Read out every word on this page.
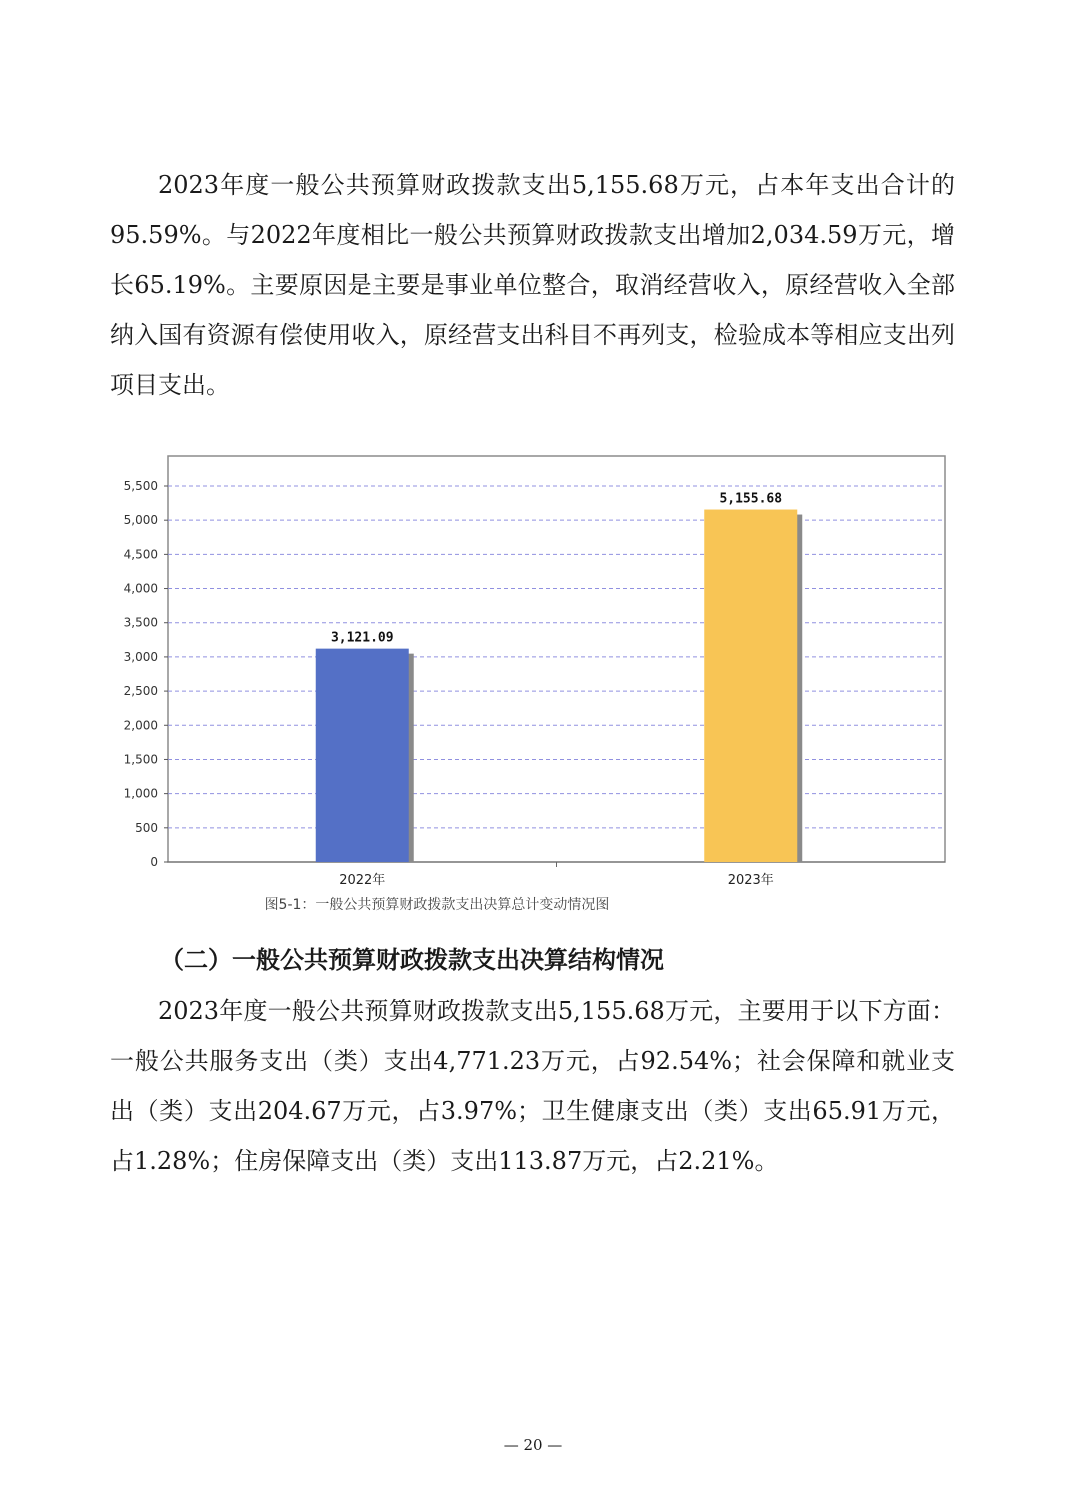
2023年度一般公共预算财政拨款支出5,155.68万元，占本年支出合计的95.59%。与2022年度相比一般公共预算财政拨款支出增加2,034.59万元，增长65.19%。主要原因是主要是事业单位整合，取消经营收入，原经营收入全部纳入国有资源有偿使用收入，原经营支出科目不再列支，检验成本等相应支出列项目支出。

0
500
1,000
1,500
2,000
2,500
3,000
3,500
4,000
4,500
5,000
5,500
3,121.09
5,155.68
2022年	2023年
图5-1：一般公共预算财政拨款支出决算总计变动情况图

（二）一般公共预算财政拨款支出决算结构情况

2023年度一般公共预算财政拨款支出5,155.68万元，主要用于以下方面：一般公共服务支出（类）支出4,771.23万元，占92.54%；社会保障和就业支出（类）支出204.67万元，占3.97%；卫生健康支出（类）支出65.91万元，占1.28%；住房保障支出（类）支出113.87万元，占2.21%。

— 20 —
